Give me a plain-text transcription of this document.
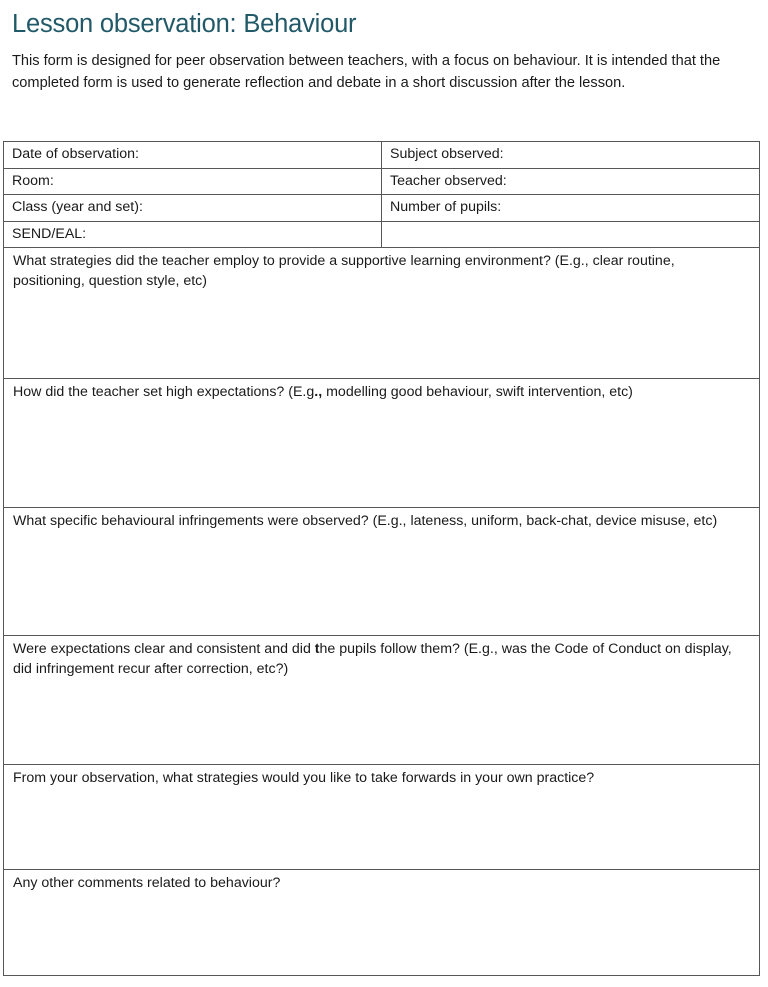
Lesson observation: Behaviour

This form is designed for peer observation between teachers, with a focus on behaviour. It is intended that the completed form is used to generate reflection and debate in a short discussion after the lesson.

Date of observation:	Subject observed:
Room:	Teacher observed:
Class (year and set):	Number of pupils:
SEND/EAL:	

What strategies did the teacher employ to provide a supportive learning environment? (E.g., clear routine, positioning, question style, etc)	

How did the teacher set high expectations? (E.g., modelling good behaviour, swift intervention, etc)	

What specific behavioural infringements were observed? (E.g., lateness, uniform, back-chat, device misuse, etc)	

Were expectations clear and consistent and did the pupils follow them? (E.g., was the Code of Conduct on display, did infringement recur after correction, etc?)	

From your observation, what strategies would you like to take forwards in your own practice?	

Any other comments related to behaviour?	
